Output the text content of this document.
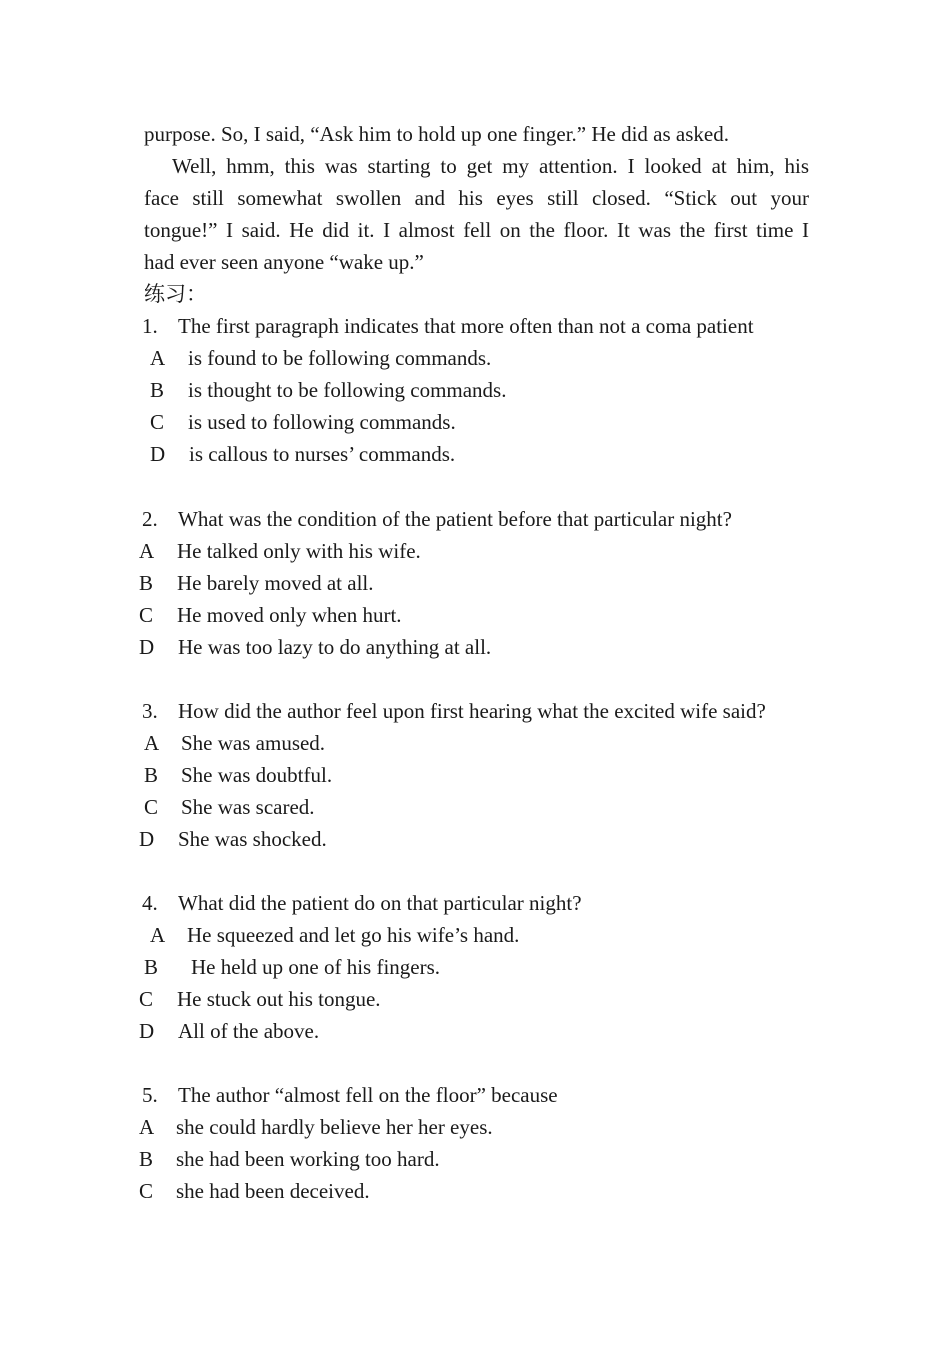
purpose. So, I said, “Ask him to hold up one finger.” He did as asked.
Well, hmm, this was starting to get my attention. I looked at him, his
face still somewhat swollen and his eyes still closed. “Stick out your
tongue!” I said. He did it. I almost fell on the floor. It was the first time I
had ever seen anyone “wake up.”
练习：
1. The first paragraph indicates that more often than not a coma patient
A is found to be following commands.
B is thought to be following commands.
C is used to following commands.
D is callous to nurses’ commands.
2. What was the condition of the patient before that particular night?
A He talked only with his wife.
B He barely moved at all.
C He moved only when hurt.
D He was too lazy to do anything at all.
3. How did the author feel upon first hearing what the excited wife said?
A She was amused.
B She was doubtful.
C She was scared.
D She was shocked.
4. What did the patient do on that particular night?
A He squeezed and let go his wife’s hand.
B He held up one of his fingers.
C He stuck out his tongue.
D All of the above.
5. The author “almost fell on the floor” because
A she could hardly believe her her eyes.
B she had been working too hard.
C she had been deceived.
